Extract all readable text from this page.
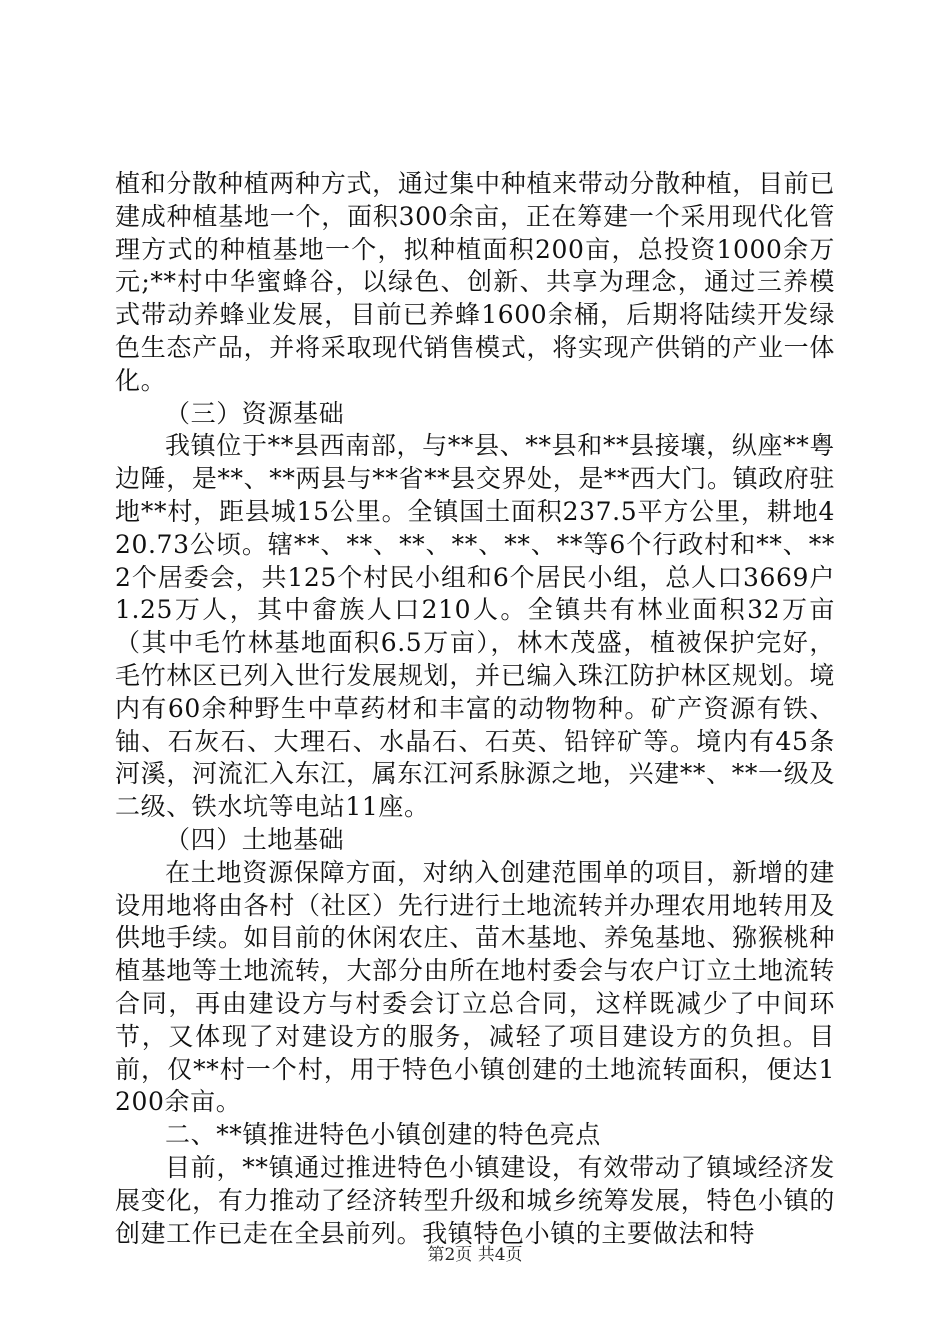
植和分散种植两种方式，通过集中种植来带动分散种植，目前已建成种植基地一个，面积300余亩，正在筹建一个采用现代化管理方式的种植基地一个，拟种植面积200亩，总投资1000余万元;**村中华蜜蜂谷，以绿色、创新、共享为理念，通过三养模式带动养蜂业发展，目前已养蜂1600余桶，后期将陆续开发绿色生态产品，并将采取现代销售模式，将实现产供销的产业一体化。

（三）资源基础

我镇位于**县西南部，与**县、**县和**县接壤，纵座**粤边陲，是**、**两县与**省**县交界处，是**西大门。镇政府驻地**村，距县城15公里。全镇国土面积237.5平方公里，耕地420.73公顷。辖**、**、**、**、**、**等6个行政村和**、**2个居委会，共125个村民小组和6个居民小组，总人口3669户1.25万人，其中畲族人口210人。全镇共有林业面积32万亩（其中毛竹林基地面积6.5万亩），林木茂盛，植被保护完好，毛竹林区已列入世行发展规划，并已编入珠江防护林区规划。境内有60余种野生中草药材和丰富的动物物种。矿产资源有铁、铀、石灰石、大理石、水晶石、石英、铅锌矿等。境内有45条河溪，河流汇入东江，属东江河系脉源之地，兴建**、**一级及二级、铁水坑等电站11座。

（四）土地基础

在土地资源保障方面，对纳入创建范围单的项目，新增的建设用地将由各村（社区）先行进行土地流转并办理农用地转用及供地手续。如目前的休闲农庄、苗木基地、养兔基地、猕猴桃种植基地等土地流转，大部分由所在地村委会与农户订立土地流转合同，再由建设方与村委会订立总合同，这样既减少了中间环节，又体现了对建设方的服务，减轻了项目建设方的负担。目前，仅**村一个村，用于特色小镇创建的土地流转面积，便达1200余亩。

二、**镇推进特色小镇创建的特色亮点

目前，**镇通过推进特色小镇建设，有效带动了镇域经济发展变化，有力推动了经济转型升级和城乡统筹发展，特色小镇的创建工作已走在全县前列。我镇特色小镇的主要做法和特

第2页 共4页
